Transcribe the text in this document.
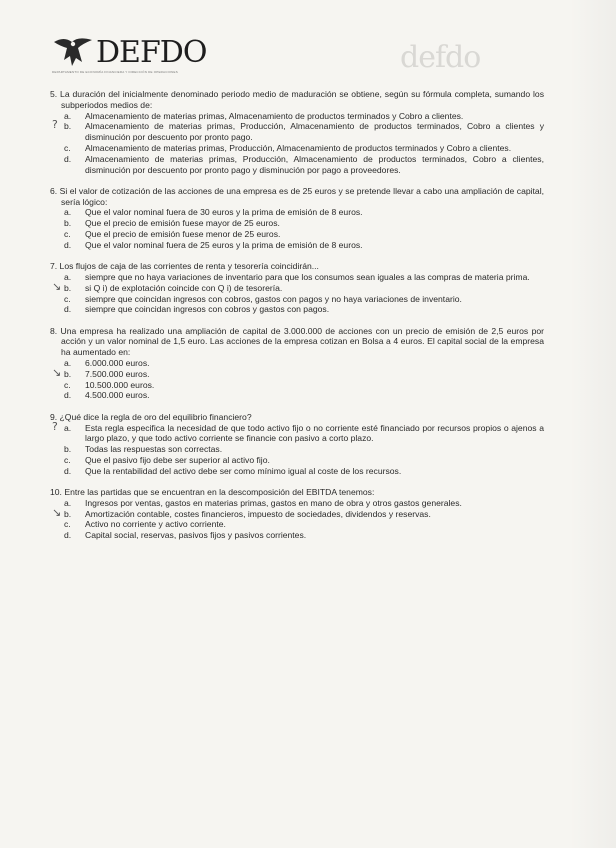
DEFDO
DEPARTAMENTO DE ECONOMÍA FINANCIERA Y DIRECCIÓN DE OPERACIONES	defdo

5. La duración del inicialmente denominado periodo medio de maduración se obtiene, según su fórmula completa, sumando los subperiodos medios de:

a.	Almacenamiento de materias primas, Almacenamiento de productos terminados y Cobro a clientes.
? b.	Almacenamiento de materias primas, Producción, Almacenamiento de productos terminados, Cobro a clientes y disminución por descuento por pronto pago.
c.	Almacenamiento de materias primas, Producción, Almacenamiento de productos terminados y Cobro a clientes.
d.	Almacenamiento de materias primas, Producción, Almacenamiento de productos terminados, Cobro a clientes, disminución por descuento por pronto pago y disminución por pago a proveedores.

6. Si el valor de cotización de las acciones de una empresa es de 25 euros y se pretende llevar a cabo una ampliación de capital, sería lógico:

a.	Que el valor nominal fuera de 30 euros y la prima de emisión de 8 euros.
b.	Que el precio de emisión fuese mayor de 25 euros.
c.	Que el precio de emisión fuese menor de 25 euros.
d.	Que el valor nominal fuera de 25 euros y la prima de emisión de 8 euros.

7. Los flujos de caja de las corrientes de renta y tesorería coincidirán...

a.	siempre que no haya variaciones de inventario para que los consumos sean iguales a las compras de materia prima.
↘ b.	si Q i) de explotación coincide con Q i) de tesorería.
c.	siempre que coincidan ingresos con cobros, gastos con pagos y no haya variaciones de inventario.
d.	siempre que coincidan ingresos con cobros y gastos con pagos.

8. Una empresa ha realizado una ampliación de capital de 3.000.000 de acciones con un precio de emisión de 2,5 euros por acción y un valor nominal de 1,5 euro. Las acciones de la empresa cotizan en Bolsa a 4 euros. El capital social de la empresa ha aumentado en:

a.	6.000.000 euros.
↘ b.	7.500.000 euros.
c.	10.500.000 euros.
d.	4.500.000 euros.

9. ¿Qué dice la regla de oro del equilibrio financiero?

? a.	Esta regla especifica la necesidad de que todo activo fijo o no corriente esté financiado por recursos propios o ajenos a largo plazo, y que todo activo corriente se financie con pasivo a corto plazo.
b.	Todas las respuestas son correctas.
c.	Que el pasivo fijo debe ser superior al activo fijo.
d.	Que la rentabilidad del activo debe ser como mínimo igual al coste de los recursos.

10. Entre las partidas que se encuentran en la descomposición del EBITDA tenemos:

a.	Ingresos por ventas, gastos en materias primas, gastos en mano de obra y otros gastos generales.
↘ b.	Amortización contable, costes financieros, impuesto de sociedades, dividendos y reservas.
c.	Activo no corriente y activo corriente.
d.	Capital social, reservas, pasivos fijos y pasivos corrientes.
